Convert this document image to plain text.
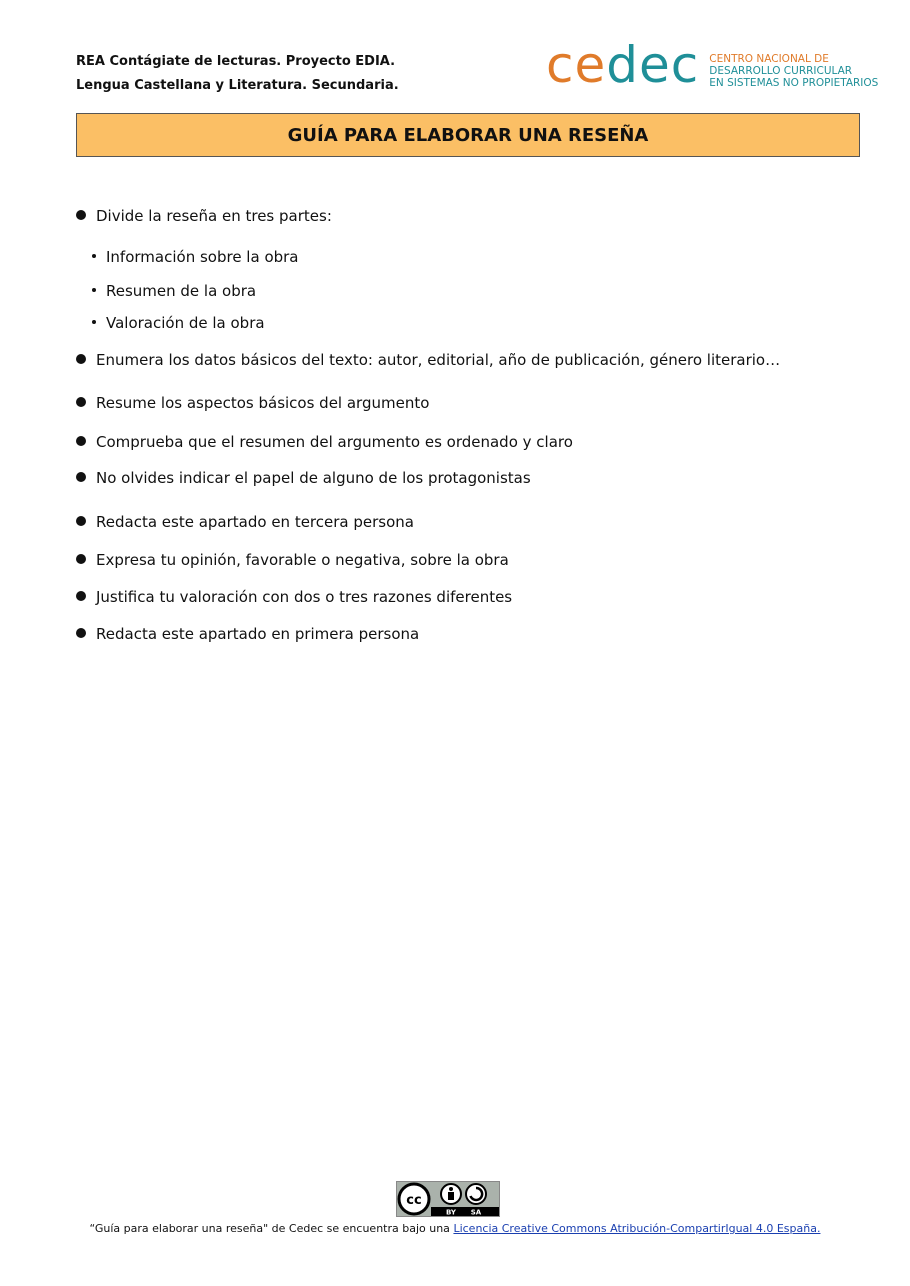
REA Contágiate de lecturas. Proyecto EDIA.
Lengua Castellana y Literatura. Secundaria.	cedec CENTRO NACIONAL DE
DESARROLLO CURRICULAR
EN SISTEMAS NO PROPIETARIOS
GUÍA PARA ELABORAR UNA RESEÑA
Divide la reseña en tres partes:
Información sobre la obra
Resumen de la obra
Valoración de la obra
Enumera los datos básicos del texto: autor, editorial, año de publicación, género literario…
Resume los aspectos básicos del argumento
Comprueba que el resumen del argumento es ordenado y claro
No olvides indicar el papel de alguno de los protagonistas
Redacta este apartado en tercera persona
Expresa tu opinión, favorable o negativa, sobre la obra
Justifica tu valoración con dos o tres razones diferentes
Redacta este apartado en primera persona
cc
BY SA
“Guía para elaborar una reseña" de Cedec se encuentra bajo una Licencia Creative Commons Atribución-CompartirIgual 4.0 España.
